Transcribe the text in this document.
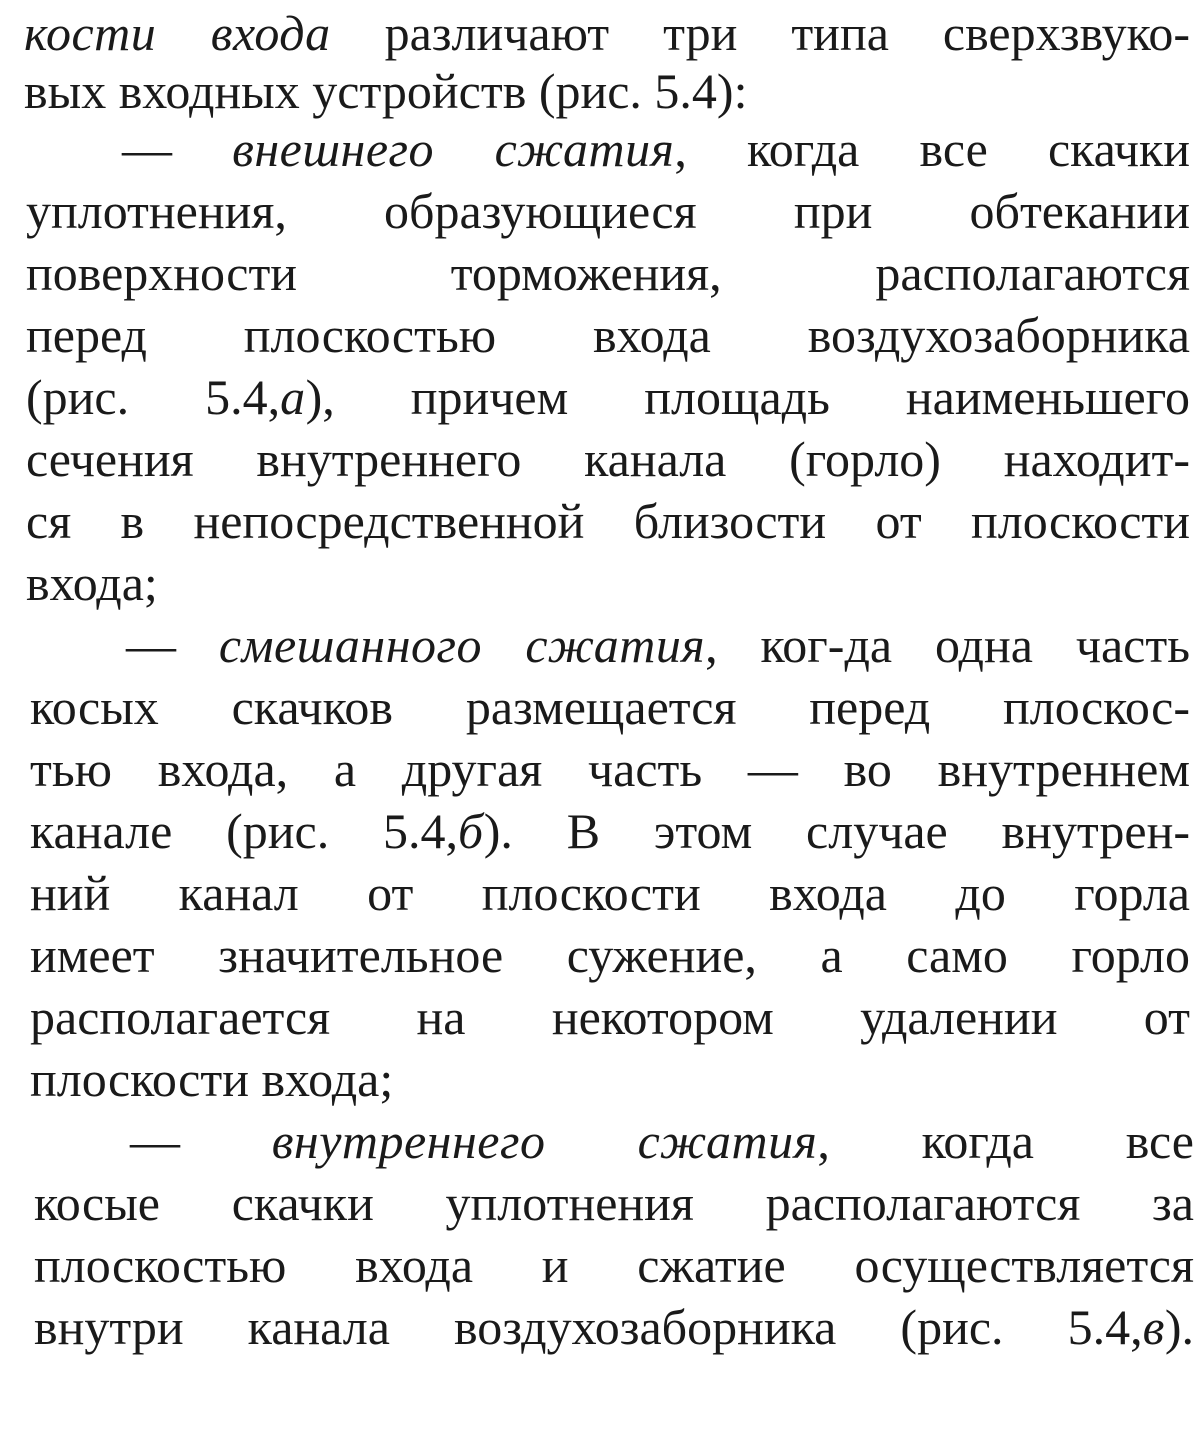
кости входа различают три типа сверхзвуко-
вых входных устройств (рис. 5.4):
— внешнего сжатия, когда все скачки
уплотнения, образующиеся при обтекании
поверхности торможения, располагаются
перед плоскостью входа воздухозаборника
(рис. 5.4,а), причем площадь наименьшего
сечения внутреннего канала (горло) находит-
ся в непосредственной близости от плоскости
входа;
— смешанного сжатия, ког-да одна часть
косых скачков размещается перед плоскос-
тью входа, а другая часть — во внутреннем
канале (рис. 5.4,б). В этом случае внутрен-
ний канал от плоскости входа до горла
имеет значительное сужение, а само горло
располагается на некотором удалении от
плоскости входа;
— внутреннего сжатия, когда все
косые скачки уплотнения располагаются за
плоскостью входа и сжатие осуществляется
внутри канала воздухозаборника (рис. 5.4,в).
